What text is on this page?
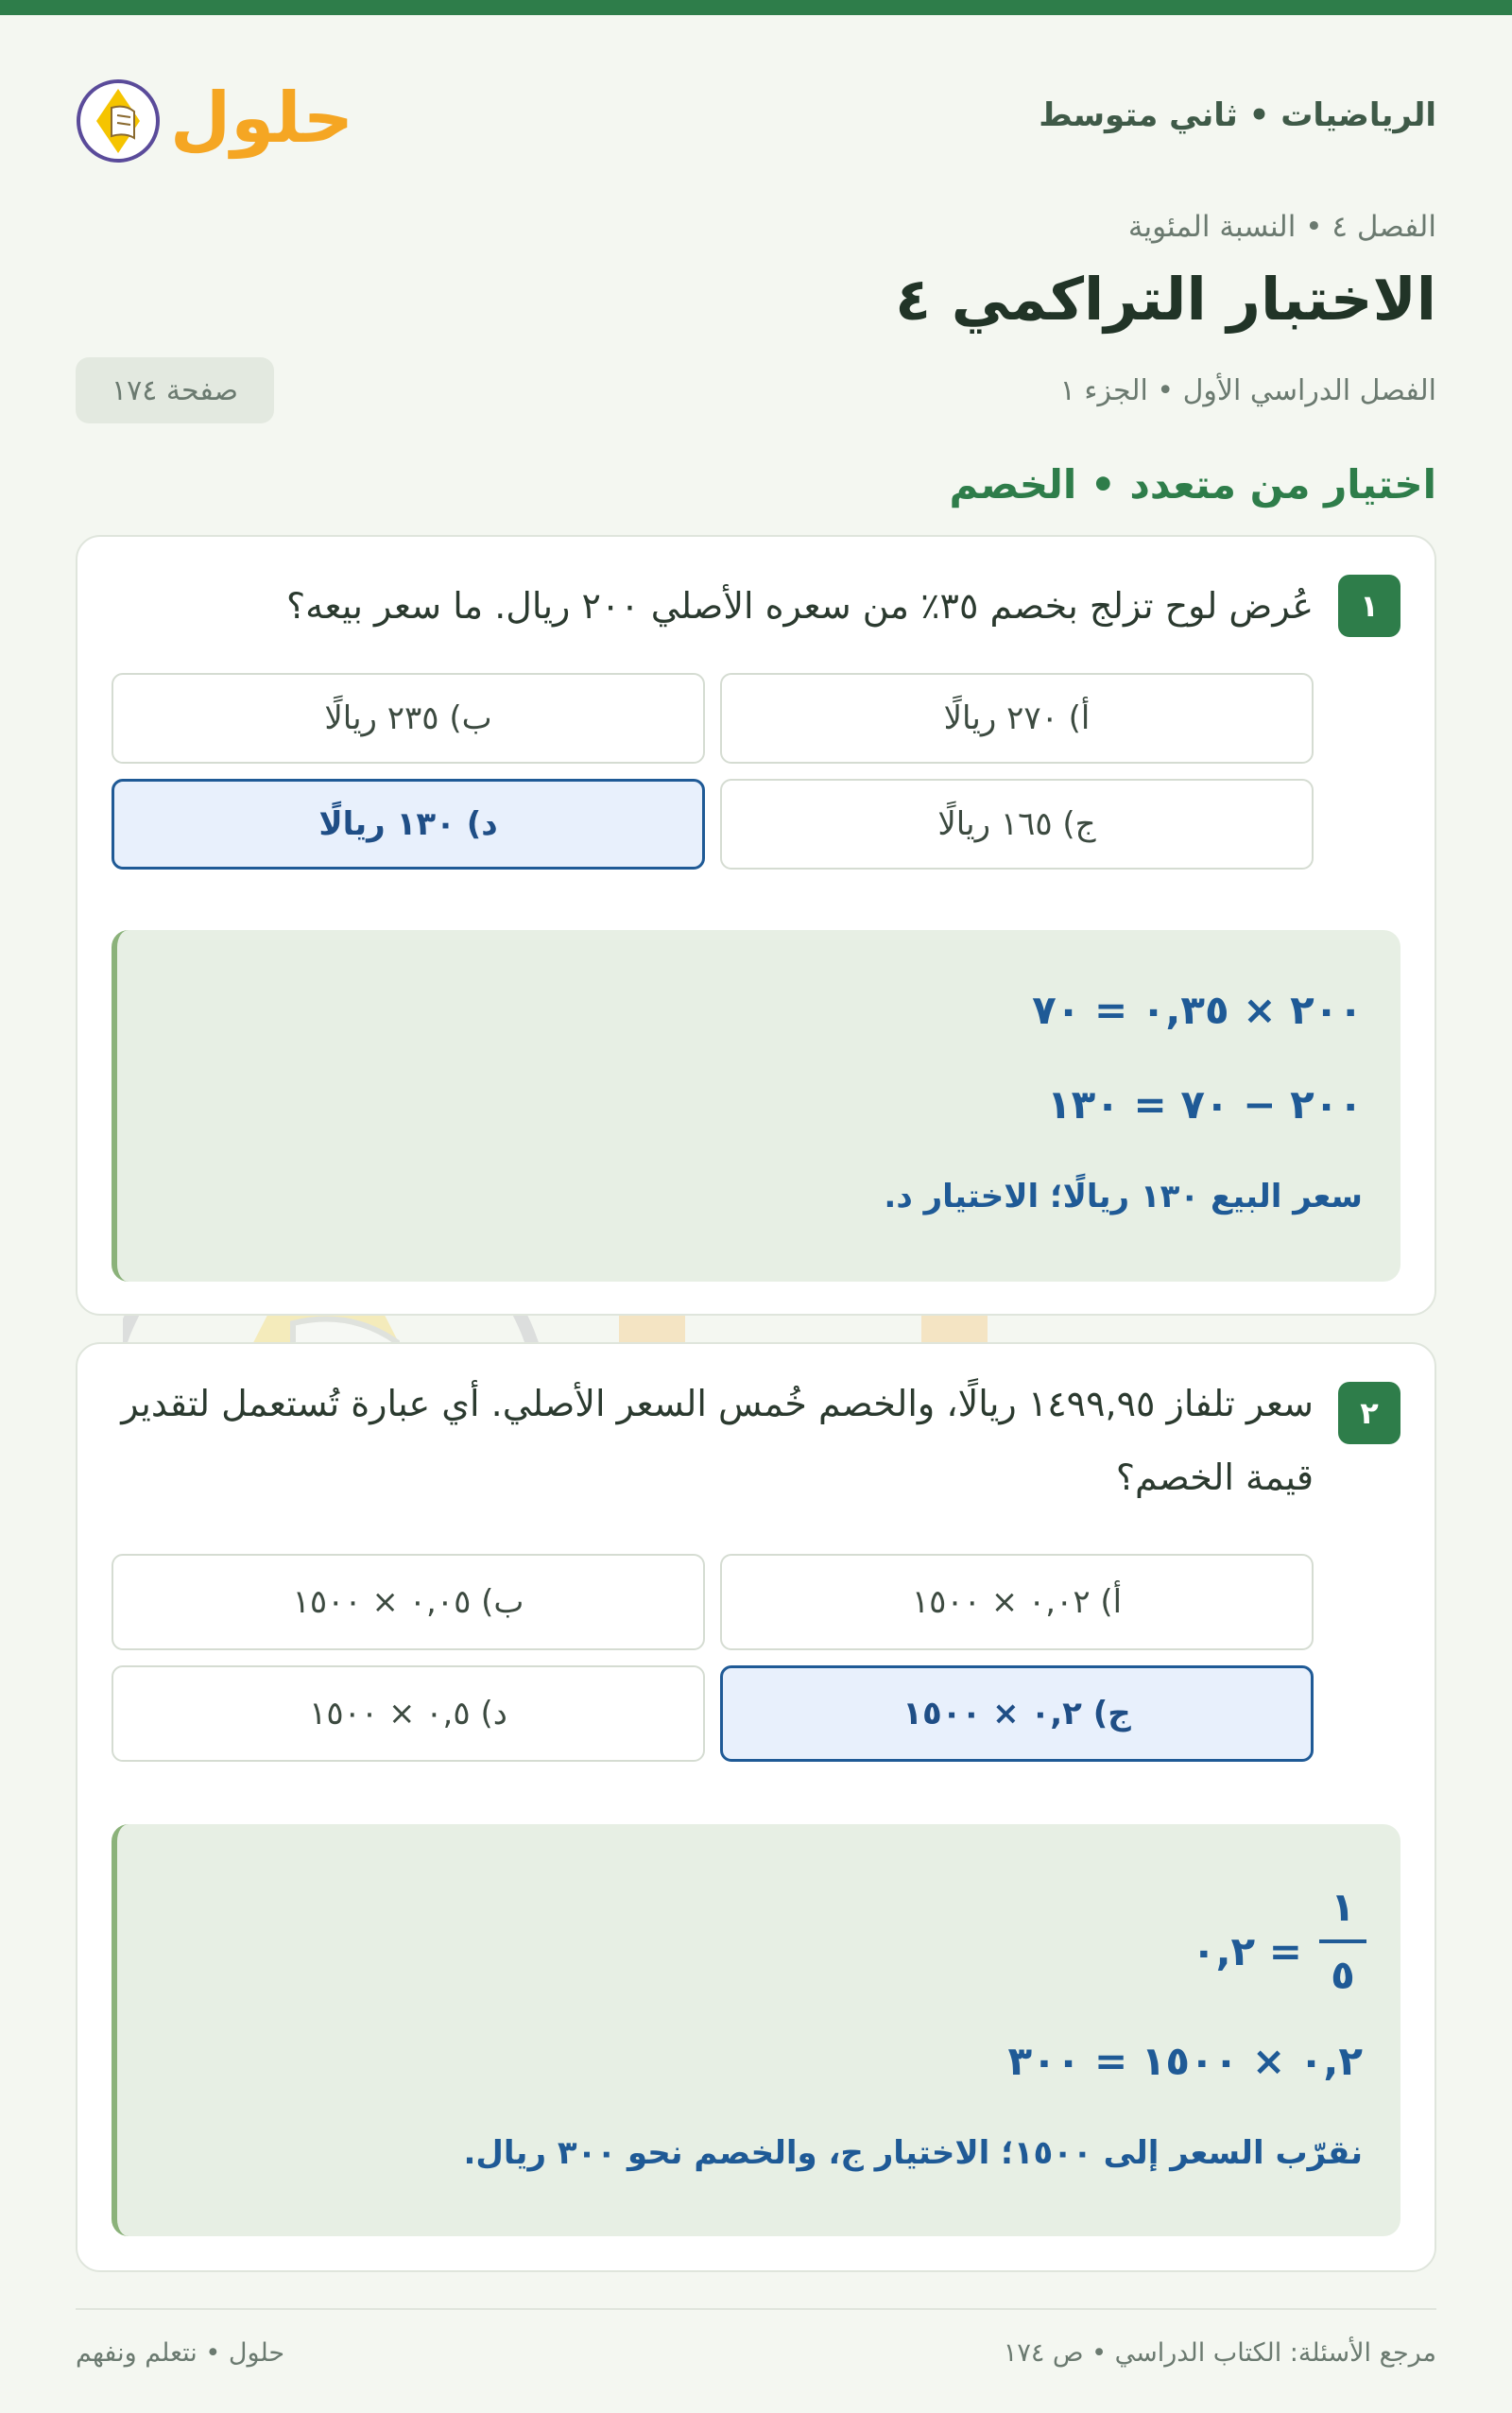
الرياضيات • ثاني متوسط
حلول
الفصل ٤ • النسبة المئوية
الاختبار التراكمي ٤
الفصل الدراسي الأول • الجزء ١
صفحة ١٧٤
اختيار من متعدد • الخصم
١
عُرض لوح تزلج بخصم ٣٥٪ من سعره الأصلي ٢٠٠ ريال. ما سعر بيعه؟
أ) ٢٧٠ ريالًا
ب) ٢٣٥ ريالًا
ج) ١٦٥ ريالًا
د) ١٣٠ ريالًا
٢٠٠ × ٠,٣٥ = ٧٠
٢٠٠ − ٧٠ = ١٣٠
سعر البيع ١٣٠ ريالًا؛ الاختيار د.
٢
سعر تلفاز ١٤٩٩,٩٥ ريالًا، والخصم خُمس السعر الأصلي. أي عبارة تُستعمل لتقدير قيمة الخصم؟
أ) ٠,٠٢ × ١٥٠٠
ب) ٠,٠٥ × ١٥٠٠
ج) ٠,٢ × ١٥٠٠
د) ٠,٥ × ١٥٠٠
١
٥
= ٠,٢
٠,٢ × ١٥٠٠ = ٣٠٠
نقرّب السعر إلى ١٥٠٠؛ الاختيار ج، والخصم نحو ٣٠٠ ريال.
مرجع الأسئلة: الكتاب الدراسي • ص ١٧٤
حلول • نتعلم ونفهم
